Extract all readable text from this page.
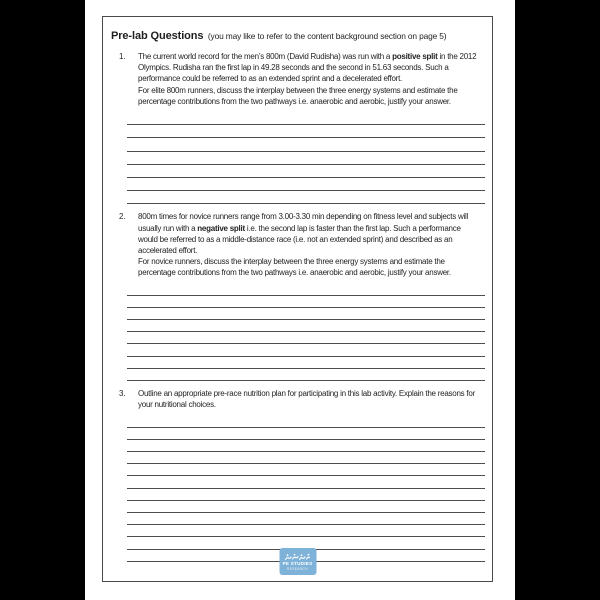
Pre-lab Questions (you may like to refer to the content background section on page 5)
1.	The current world record for the men’s 800m (David Rudisha) was run with a positive split in the 2012 Olympics. Rudisha ran the first lap in 49.28 seconds and the second in 51.63 seconds. Such a performance could be referred to as an extended sprint and a decelerated effort.
For elite 800m runners, discuss the interplay between the three energy systems and estimate the percentage contributions from the two pathways i.e. anaerobic and aerobic, justify your answer.
2.	800m times for novice runners range from 3.00-3.30 min depending on fitness level and subjects will usually run with a negative split i.e. the second lap is faster than the first lap. Such a performance would be referred to as a middle-distance race (i.e. not an extended sprint) and described as an accelerated effort.
For novice runners, discuss the interplay between the three energy systems and estimate the percentage contributions from the two pathways i.e. anaerobic and aerobic, justify your answer.
3.	Outline an appropriate pre-race nutrition plan for participating in this lab activity. Explain the reasons for your nutritional choices.
PE STUDIES
RESEARCH
